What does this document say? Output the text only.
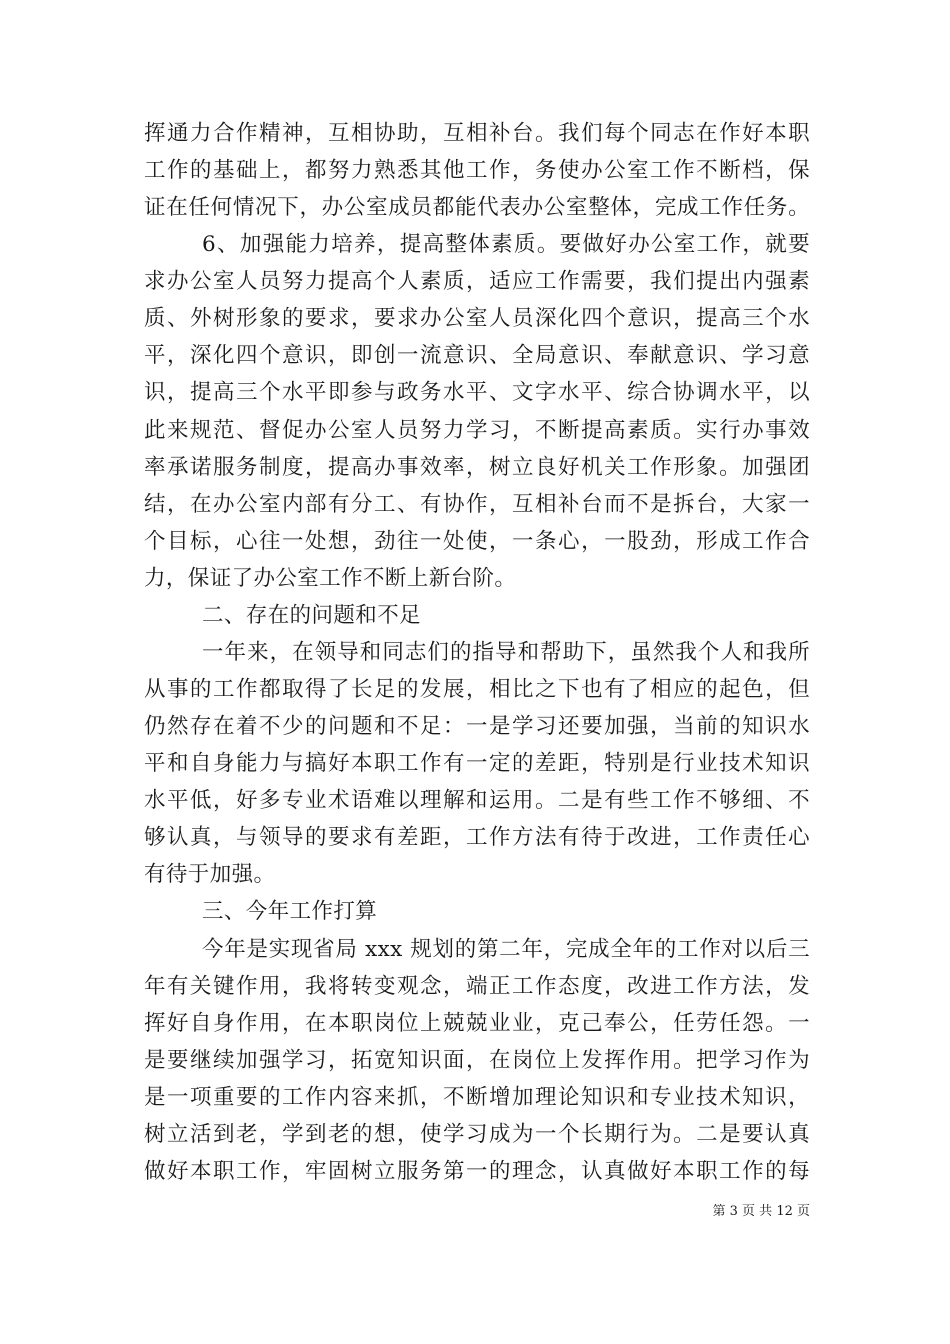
挥通力合作精神，互相协助，互相补台。我们每个同志在作好本职
工作的基础上，都努力熟悉其他工作，务使办公室工作不断档，保
证在任何情况下，办公室成员都能代表办公室整体，完成工作任务。
6、加强能力培养，提高整体素质。要做好办公室工作，就要
求办公室人员努力提高个人素质，适应工作需要，我们提出内强素
质、外树形象的要求，要求办公室人员深化四个意识，提高三个水
平，深化四个意识，即创一流意识、全局意识、奉献意识、学习意
识，提高三个水平即参与政务水平、文字水平、综合协调水平，以
此来规范、督促办公室人员努力学习，不断提高素质。实行办事效
率承诺服务制度，提高办事效率，树立良好机关工作形象。加强团
结，在办公室内部有分工、有协作，互相补台而不是拆台，大家一
个目标，心往一处想，劲往一处使，一条心，一股劲，形成工作合
力，保证了办公室工作不断上新台阶。
二、存在的问题和不足
一年来，在领导和同志们的指导和帮助下，虽然我个人和我所
从事的工作都取得了长足的发展，相比之下也有了相应的起色，但
仍然存在着不少的问题和不足：一是学习还要加强，当前的知识水
平和自身能力与搞好本职工作有一定的差距，特别是行业技术知识
水平低，好多专业术语难以理解和运用。二是有些工作不够细、不
够认真，与领导的要求有差距，工作方法有待于改进，工作责任心
有待于加强。
三、今年工作打算
今年是实现省局 xxx 规划的第二年，完成全年的工作对以后三
年有关键作用，我将转变观念，端正工作态度，改进工作方法，发
挥好自身作用，在本职岗位上兢兢业业，克己奉公，任劳任怨。一
是要继续加强学习，拓宽知识面，在岗位上发挥作用。把学习作为
是一项重要的工作内容来抓，不断增加理论知识和专业技术知识，
树立活到老，学到老的想，使学习成为一个长期行为。二是要认真
做好本职工作，牢固树立服务第一的理念，认真做好本职工作的每
第 3 页 共 12 页
